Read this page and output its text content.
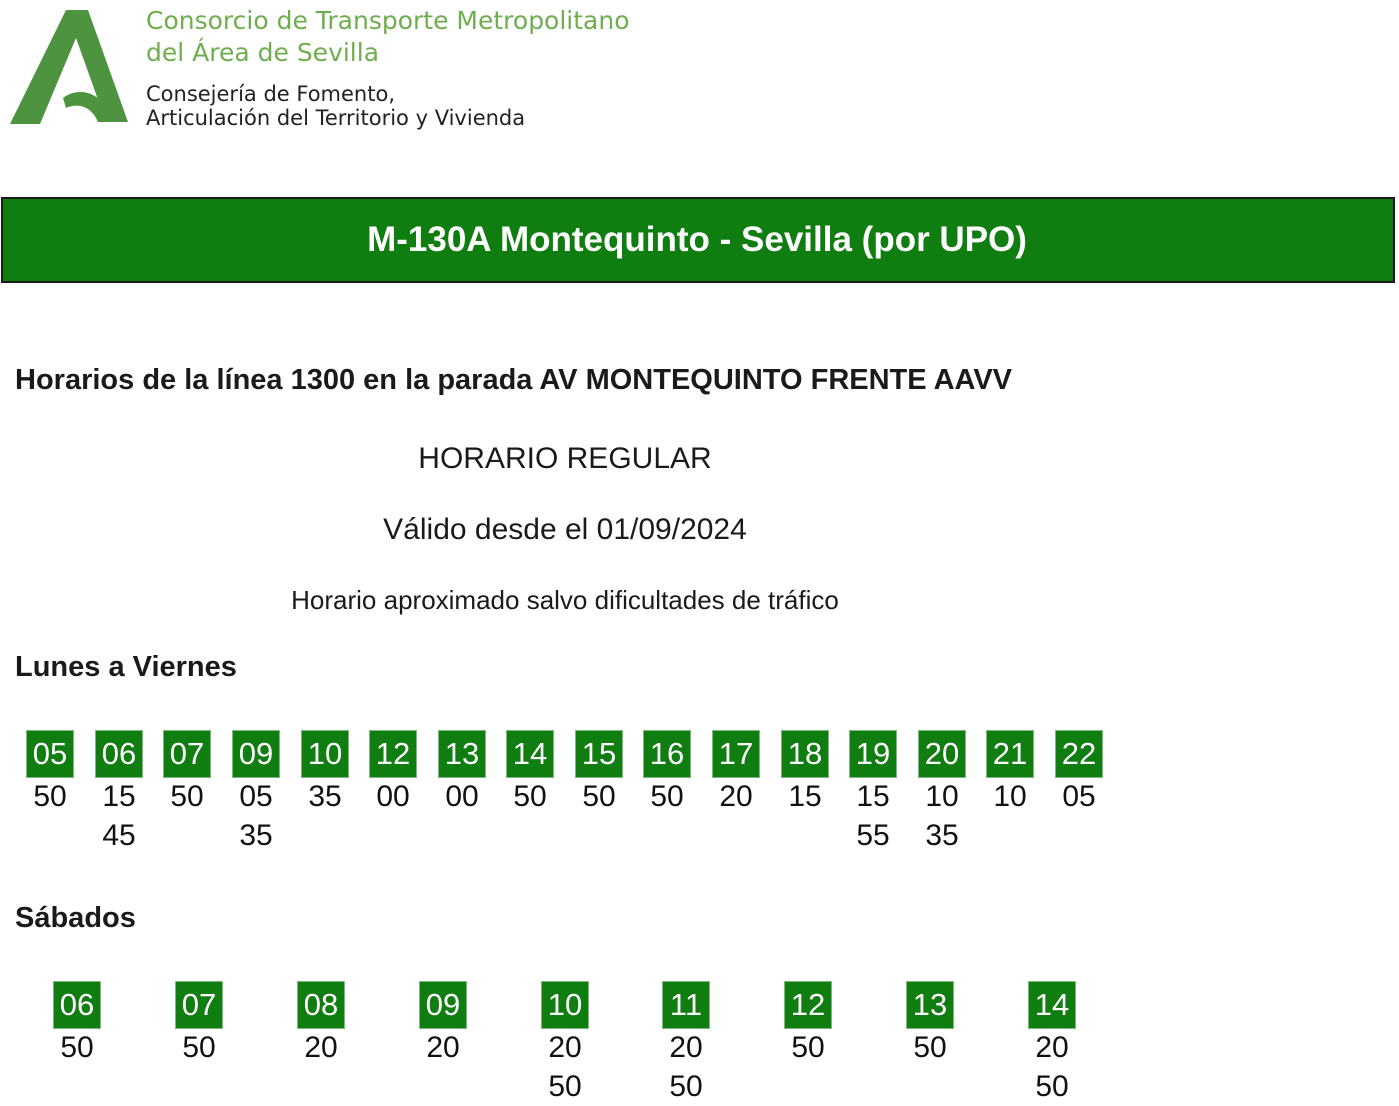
Consorcio de Transporte Metropolitano
del Área de Sevilla
Consejería de Fomento,
Articulación del Territorio y Vivienda
M-130A Montequinto - Sevilla (por UPO)
Horarios de la línea 1300 en la parada AV MONTEQUINTO FRENTE AAVV
HORARIO REGULAR
Válido desde el 01/09/2024
Horario aproximado salvo dificultades de tráfico
Lunes a Viernes
05
50
06
15
45
07
50
09
05
35
10
35
12
00
13
00
14
50
15
50
16
50
17
20
18
15
19
15
55
20
10
35
21
10
22
05
Sábados
06
50
07
50
08
20
09
20
10
20
50
11
20
50
12
50
13
50
14
20
50
